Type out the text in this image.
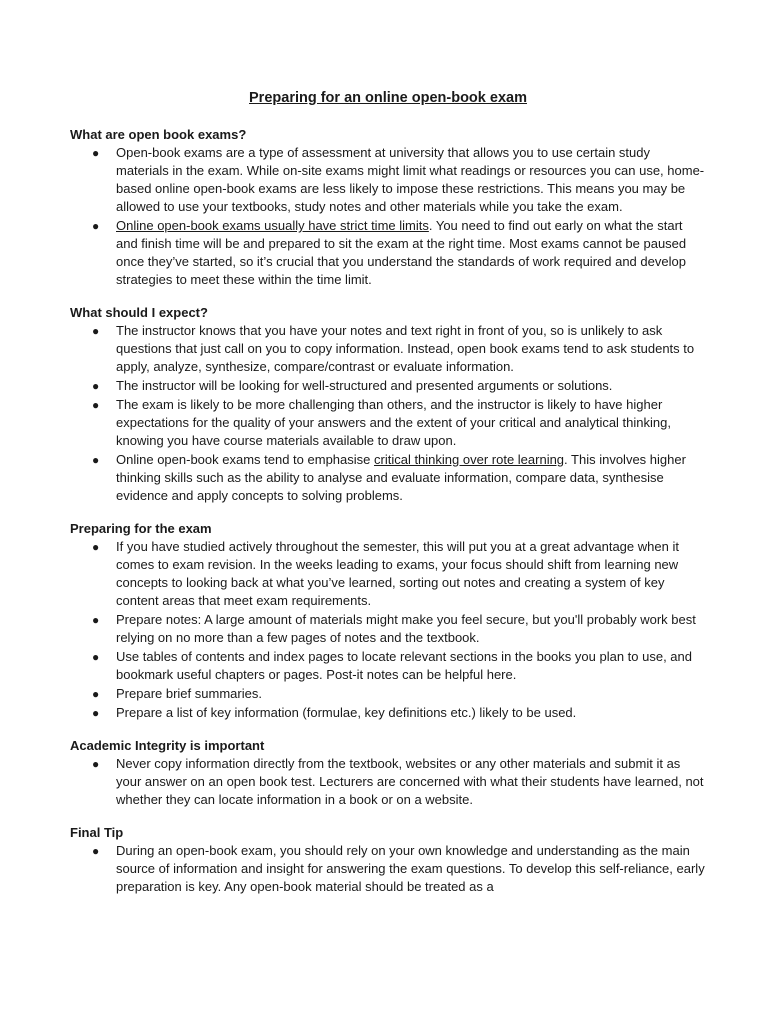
Preparing for an online open-book exam

What are open book exams?

● Open-book exams are a type of assessment at university that allows you to use certain study materials in the exam. While on-site exams might limit what readings or resources you can use, home-based online open-book exams are less likely to impose these restrictions. This means you may be allowed to use your textbooks, study notes and other materials while you take the exam.
● Online open-book exams usually have strict time limits. You need to find out early on what the start and finish time will be and prepared to sit the exam at the right time. Most exams cannot be paused once they’ve started, so it’s crucial that you understand the standards of work required and develop strategies to meet these within the time limit.

What should I expect?

● The instructor knows that you have your notes and text right in front of you, so is unlikely to ask questions that just call on you to copy information. Instead, open book exams tend to ask students to apply, analyze, synthesize, compare/contrast or evaluate information.
● The instructor will be looking for well-structured and presented arguments or solutions.
● The exam is likely to be more challenging than others, and the instructor is likely to have higher expectations for the quality of your answers and the extent of your critical and analytical thinking, knowing you have course materials available to draw upon.
● Online open-book exams tend to emphasise critical thinking over rote learning. This involves higher thinking skills such as the ability to analyse and evaluate information, compare data, synthesise evidence and apply concepts to solving problems.

Preparing for the exam

● If you have studied actively throughout the semester, this will put you at a great advantage when it comes to exam revision. In the weeks leading to exams, your focus should shift from learning new concepts to looking back at what you’ve learned, sorting out notes and creating a system of key content areas that meet exam requirements.
● Prepare notes: A large amount of materials might make you feel secure, but you'll probably work best relying on no more than a few pages of notes and the textbook.
● Use tables of contents and index pages to locate relevant sections in the books you plan to use, and bookmark useful chapters or pages. Post-it notes can be helpful here.
● Prepare brief summaries.
● Prepare a list of key information (formulae, key definitions etc.) likely to be used.

Academic Integrity is important

● Never copy information directly from the textbook, websites or any other materials and submit it as your answer on an open book test. Lecturers are concerned with what their students have learned, not whether they can locate information in a book or on a website.

Final Tip

● During an open-book exam, you should rely on your own knowledge and understanding as the main source of information and insight for answering the exam questions. To develop this self-reliance, early preparation is key. Any open-book material should be treated as a
